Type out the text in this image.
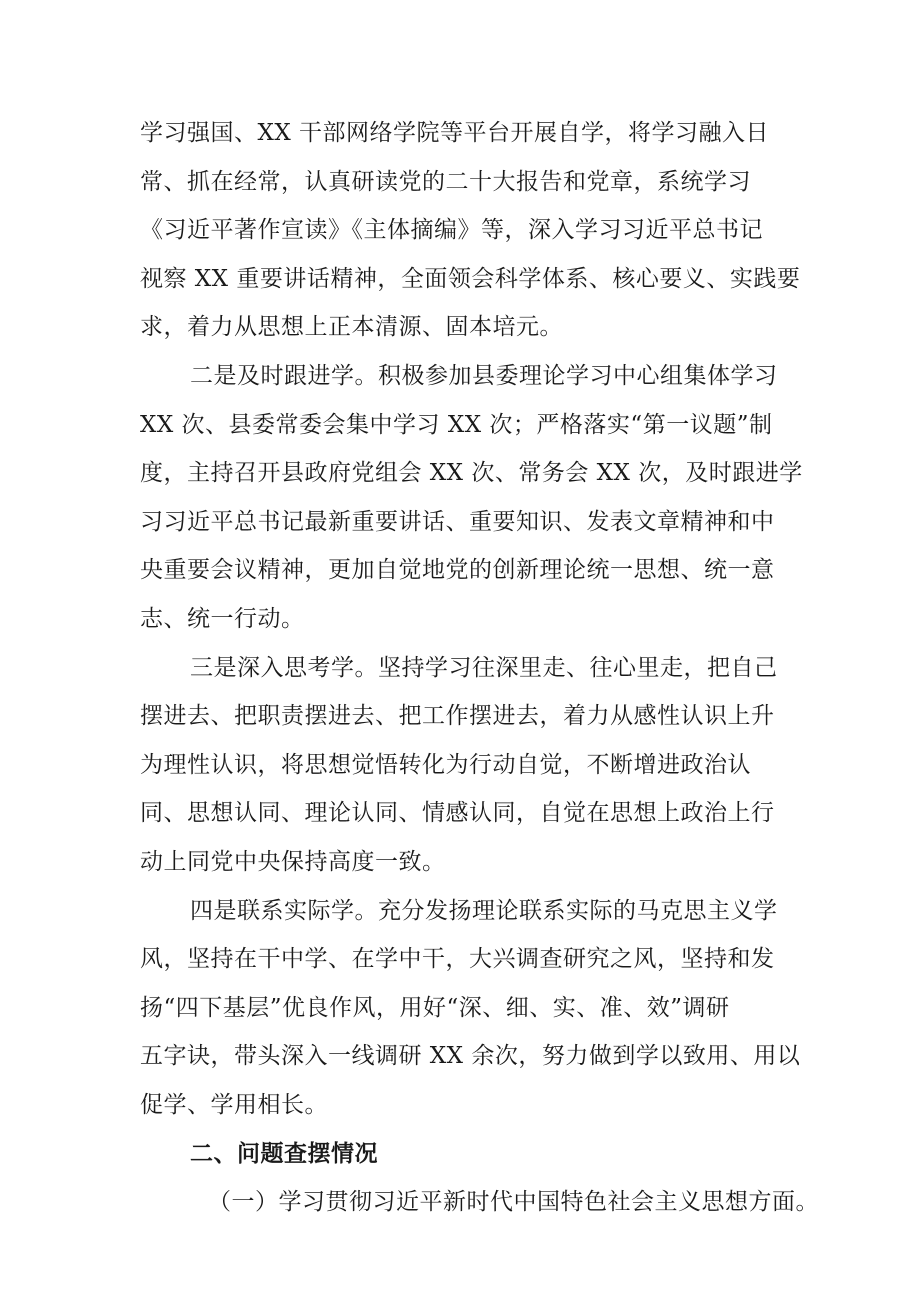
学习强国、XX 干部网络学院等平台开展自学，将学习融入日
常、抓在经常，认真研读党的二十大报告和党章，系统学习
《习近平著作宣读》《主体摘编》等，深入学习习近平总书记
视察 XX 重要讲话精神，全面领会科学体系、核心要义、实践要
求，着力从思想上正本清源、固本培元。
二是及时跟进学。积极参加县委理论学习中心组集体学习
XX 次、县委常委会集中学习 XX 次；严格落实“第一议题”制
度，主持召开县政府党组会 XX 次、常务会 XX 次，及时跟进学
习习近平总书记最新重要讲话、重要知识、发表文章精神和中
央重要会议精神，更加自觉地党的创新理论统一思想、统一意
志、统一行动。
三是深入思考学。坚持学习往深里走、往心里走，把自己
摆进去、把职责摆进去、把工作摆进去，着力从感性认识上升
为理性认识，将思想觉悟转化为行动自觉，不断增进政治认
同、思想认同、理论认同、情感认同，自觉在思想上政治上行
动上同党中央保持高度一致。
四是联系实际学。充分发扬理论联系实际的马克思主义学
风，坚持在干中学、在学中干，大兴调查研究之风，坚持和发
扬“四下基层”优良作风，用好“深、细、实、准、效”调研
五字诀，带头深入一线调研 XX 余次，努力做到学以致用、用以
促学、学用相长。
二、问题查摆情况
（一）学习贯彻习近平新时代中国特色社会主义思想方面。
